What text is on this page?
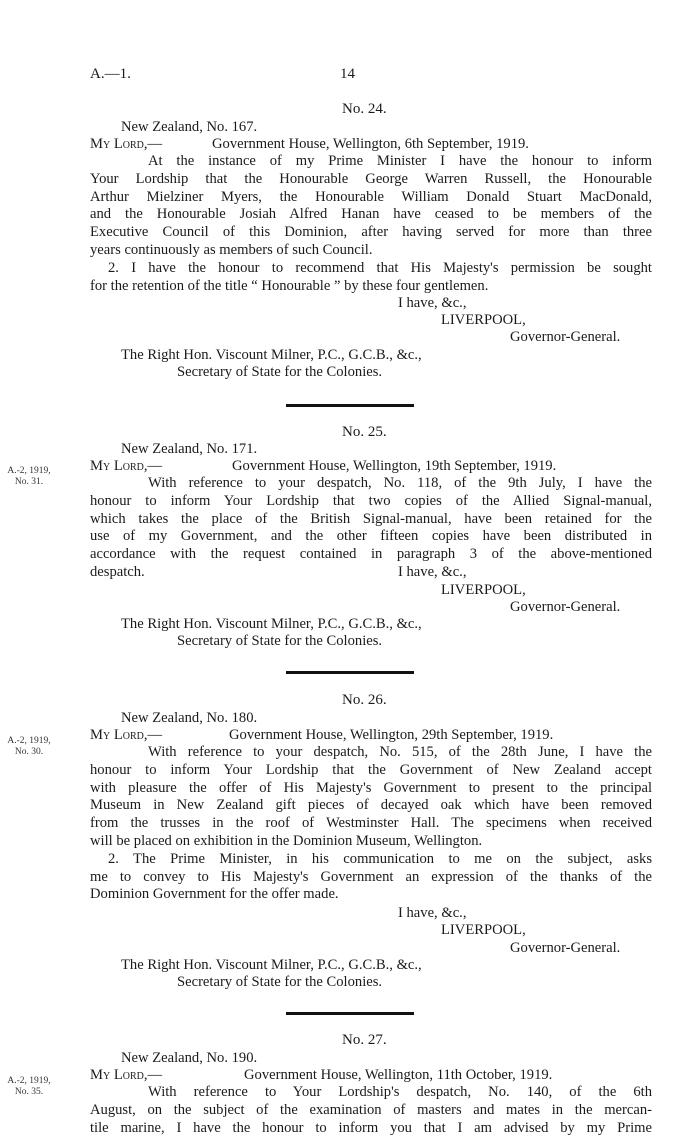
A.—1.	14
No. 24.
New Zealand, No. 167.
My Lord,—	Government House, Wellington, 6th September, 1919.
At the instance of my Prime Minister I have the honour to inform
Your Lordship that the Honourable George Warren Russell, the Honourable
Arthur Mielziner Myers, the Honourable William Donald Stuart MacDonald,
and the Honourable Josiah Alfred Hanan have ceased to be members of the
Executive Council of this Dominion, after having served for more than three
years continuously as members of such Council.
2. I have the honour to recommend that His Majesty's permission be sought
for the retention of the title “ Honourable ” by these four gentlemen.
I have, &c.,
LIVERPOOL,
Governor-General.
The Right Hon. Viscount Milner, P.C., G.C.B., &c.,
Secretary of State for the Colonies.
No. 25.
New Zealand, No. 171.
My Lord,—	Government House, Wellington, 19th September, 1919.
A.-2, 1919,
No. 31.	With reference to your despatch, No. 118, of the 9th July, I have the
honour to inform Your Lordship that two copies of the Allied Signal-manual,
which takes the place of the British Signal-manual, have been retained for the
use of my Government, and the other fifteen copies have been distributed in
accordance with the request contained in paragraph 3 of the above-mentioned
despatch.	I have, &c.,
LIVERPOOL,
Governor-General.
The Right Hon. Viscount Milner, P.C., G.C.B., &c.,
Secretary of State for the Colonies.
No. 26.
New Zealand, No. 180.
My Lord,—	Government House, Wellington, 29th September, 1919.
A.-2, 1919,
No. 30.	With reference to your despatch, No. 515, of the 28th June, I have the
honour to inform Your Lordship that the Government of New Zealand accept
with pleasure the offer of His Majesty's Government to present to the principal
Museum in New Zealand gift pieces of decayed oak which have been removed
from the trusses in the roof of Westminster Hall. The specimens when received
will be placed on exhibition in the Dominion Museum, Wellington.
2. The Prime Minister, in his communication to me on the subject, asks
me to convey to His Majesty's Government an expression of the thanks of the
Dominion Government for the offer made.
I have, &c.,
LIVERPOOL,
Governor-General.
The Right Hon. Viscount Milner, P.C., G.C.B., &c.,
Secretary of State for the Colonies.
No. 27.
New Zealand, No. 190.
My Lord,—	Government House, Wellington, 11th October, 1919.
A.-2, 1919,
No. 35.	With reference to Your Lordship's despatch, No. 140, of the 6th
August, on the subject of the examination of masters and mates in the mercan-
tile marine, I have the honour to inform you that I am advised by my Prime
